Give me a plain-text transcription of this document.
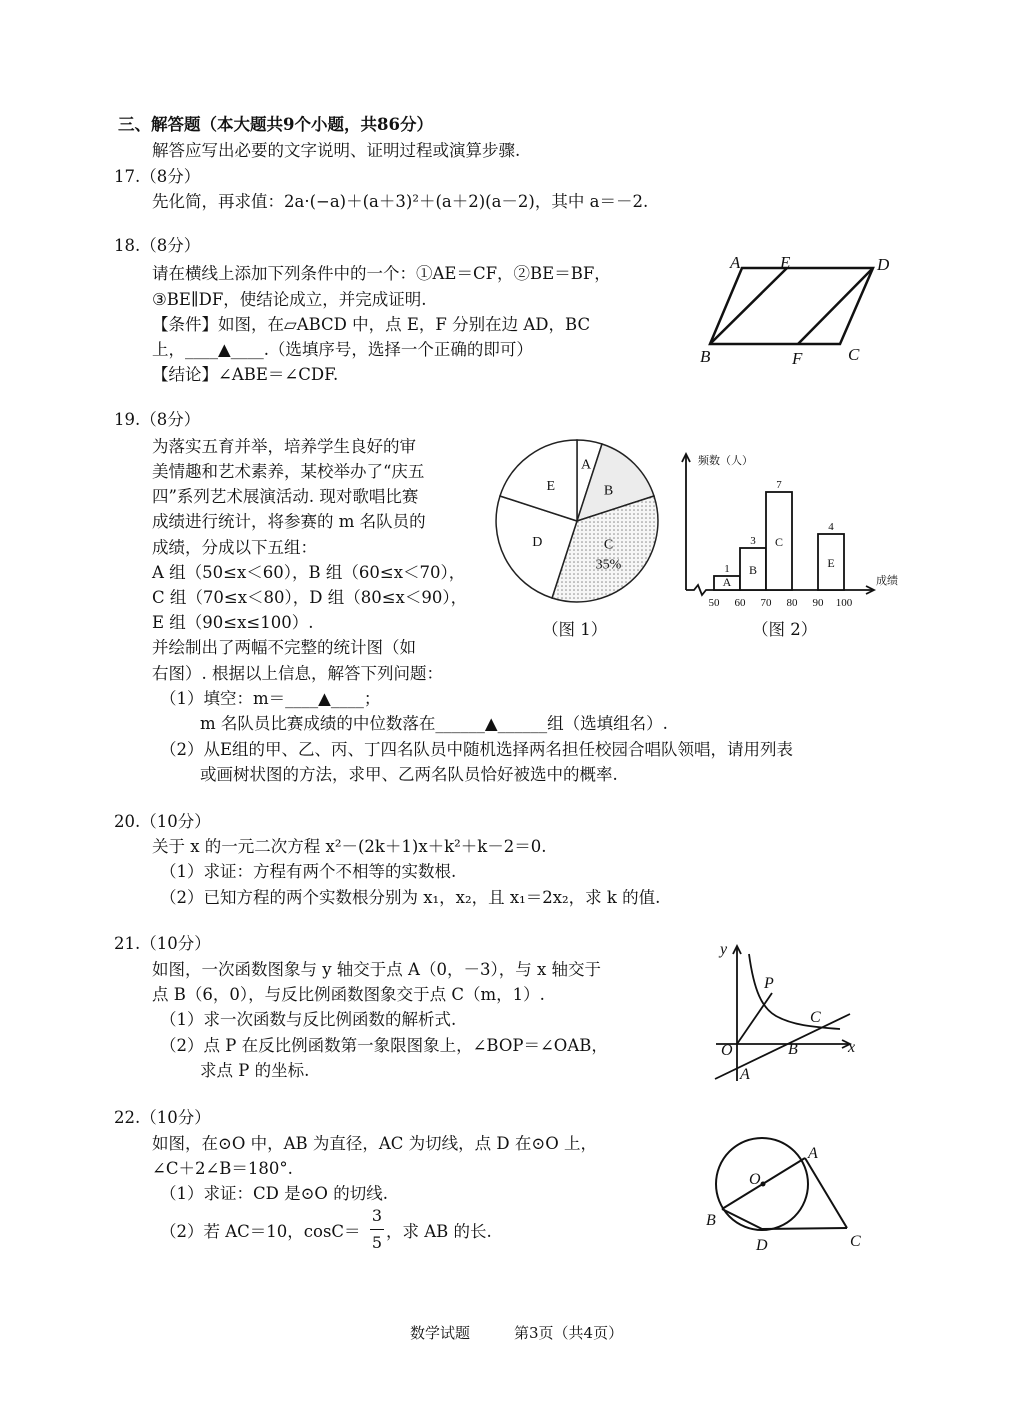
三、解答题（本大题共9个小题，共86分）
解答应写出必要的文字说明、证明过程或演算步骤.
17.（8分）
先化简，再求值：2a·(−a)＋(a＋3)²＋(a＋2)(a－2)，其中 a＝－2.
18.（8分）
请在横线上添加下列条件中的一个：①AE＝CF，②BE＝BF，
③BE∥DF，使结论成立，并完成证明.
【条件】如图，在▱ABCD 中，点 E，F 分别在边 AD，BC
上，____▲____.（选填序号，选择一个正确的即可）
【结论】∠ABE＝∠CDF.
A E	D
B	F	C
19.（8分）
为落实五育并举，培养学生良好的审
美情趣和艺术素养，某校举办了“庆五
四”系列艺术展演活动. 现对歌唱比赛
成绩进行统计，将参赛的 m 名队员的
成绩，分成以下五组：
A 组（50≤x＜60），B 组（60≤x＜70），
C 组（70≤x＜80），D 组（80≤x＜90），
E 组（90≤x≤100）.
并绘制出了两幅不完整的统计图（如
右图）. 根据以上信息，解答下列问题：
（1）填空：m＝____▲____；
m 名队员比赛成绩的中位数落在______▲______组（选填组名）.
（2）从E组的甲、乙、丙、丁四名队员中随机选择两名担任校园合唱队领唱，请用列表
或画树状图的方法，求甲、乙两名队员恰好被选中的概率.
A
B
C
35%
D
E
（图 1）
频数（人）
成绩
50 60 70 80 90 100
A
1 B
3 C
7
E
4
（图 2）
20.（10分）
关于 x 的一元二次方程 x²－(2k＋1)x＋k²＋k－2＝0.
（1）求证：方程有两个不相等的实数根.
（2）已知方程的两个实数根分别为 x₁，x₂，且 x₁＝2x₂，求 k 的值.
21.（10分）
如图，一次函数图象与 y 轴交于点 A（0，－3），与 x 轴交于
点 B（6，0），与反比例函数图象交于点 C（m，1）.
（1）求一次函数与反比例函数的解析式.
（2）点 P 在反比例函数第一象限图象上，∠BOP＝∠OAB，
求点 P 的坐标.
y
x
O
P
C
B
A
22.（10分）
如图，在⊙O 中，AB 为直径，AC 为切线，点 D 在⊙O 上，
∠C＋2∠B＝180°.
（1）求证：CD 是⊙O 的切线.
（2）若 AC＝10，cosC＝
3
5
，求 AB 的长.
O
A
B
D	C
数学试题	第3页（共4页）
